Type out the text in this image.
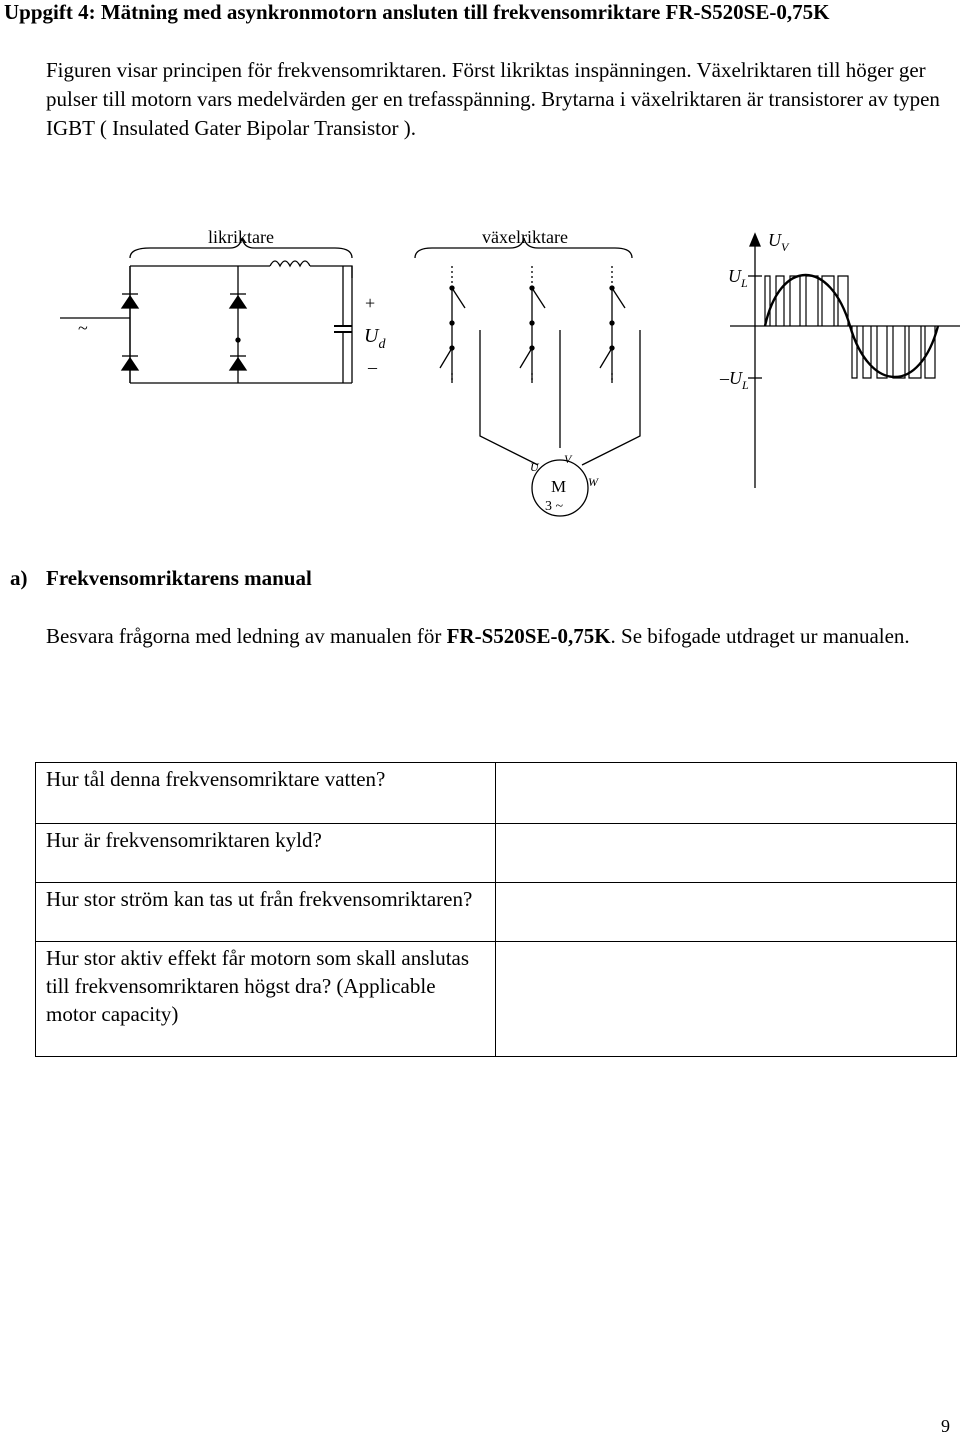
Uppgift 4: Mätning med asynkronmotorn ansluten till frekvensomriktare FR-S520SE-0,75K
Figuren visar principen för frekvensomriktaren. Först likriktas inspänningen. Växelriktaren till höger ger pulser till motorn vars medelvärden ger en trefasspänning. Brytarna i växelriktaren är transistorer av typen IGBT ( Insulated Gater Bipolar Transistor ).
likriktare	växelriktare
~
+
–
$U_d$
M
3 ~
U
V
W
$U_V$
$U_L$
$-U_L$
a) Frekvensomriktarens manual
Besvara frågorna med ledning av manualen för FR-S520SE-0,75K. Se bifogade utdraget ur manualen.
Hur tål denna frekvensomriktare vatten?	
Hur är frekvensomriktaren kyld?	
Hur stor ström kan tas ut från frekvensomriktaren?	
Hur stor aktiv effekt får motorn som skall anslutas till frekvensomriktaren högst dra? (Applicable motor capacity)	
9
